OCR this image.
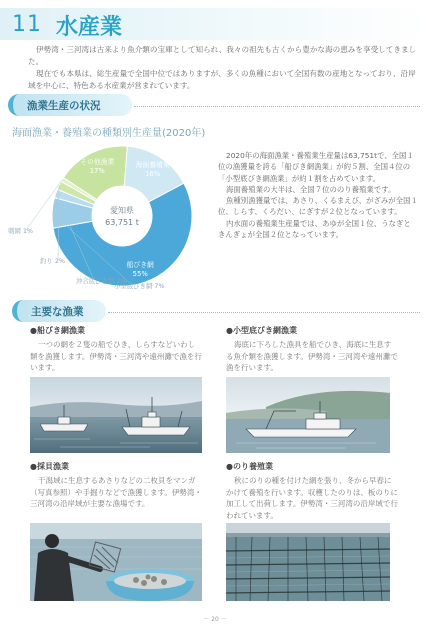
11 水産業

伊勢湾・三河湾は古来より魚介類の宝庫として知られ、我々の祖先も古くから豊かな海の恵みを享受してきました。

現在でも本県は、総生産量で全国中位ではありますが、多くの魚種において全国有数の産地となっており、沿岸域を中心に、特色ある水産業が営まれています。

漁業生産の状況
海面漁業・養殖業の種類別生産量(2020年)
船びき網
55%
小型底びき網 7%
沖合底びき網 2%
釣り 2%
刺網 1%
その他漁業
17%
海面養殖業
16%
愛知県
63,751 t

2020年の海面漁業・養殖業生産量は63,751tで、全国１位の漁獲量を誇る「船びき網漁業」が約５割、全国４位の「小型底びき網漁業」が約１割を占めています。

海面養殖業の大半は、全国７位ののり養殖業です。

魚種別漁獲量では、あさり、くるまえび、がざみが全国１位、しらす、くろだい、にぎすが２位となっています。

内水面の養殖業生産量では、あゆが全国１位、うなぎときんぎょが全国２位となっています。

主要な漁業
●船びき網漁業
一つの網を２隻の船でひき、しらすなどいわし類を漁獲します。伊勢湾・三河湾や遠州灘で漁を行います。
●小型底びき網漁業
海底に下ろした漁具を船でひき、海底に生息する魚介類を漁獲します。伊勢湾・三河湾や遠州灘で漁を行います。
●採貝漁業
干潟域に生息するあさりなどの二枚貝をマンガ（写真参照）や手掘りなどで漁獲します。伊勢湾・三河湾の沿岸域が主要な漁場です。
●のり養殖業
秋にのりの種を付けた網を張り、冬から早春にかけて養殖を行います。収穫したのりは、板のりに加工して出荷します。伊勢湾・三河湾の沿岸域で行われています。
－ 20 －
